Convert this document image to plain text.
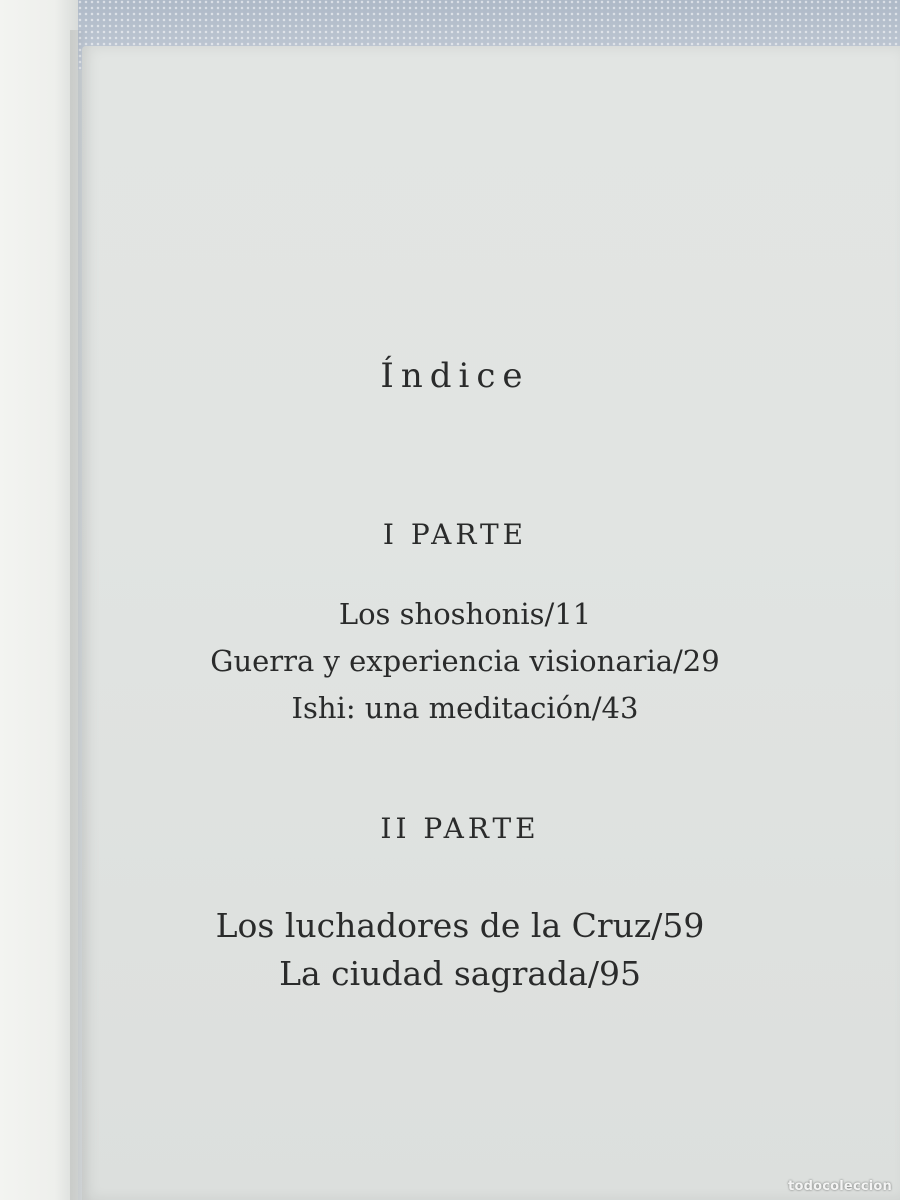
Índice
I PARTE
Los shoshonis/11
Guerra y experiencia visionaria/29
Ishi: una meditación/43
II PARTE
Los luchadores de la Cruz/59
La ciudad sagrada/95
todocoleccion
